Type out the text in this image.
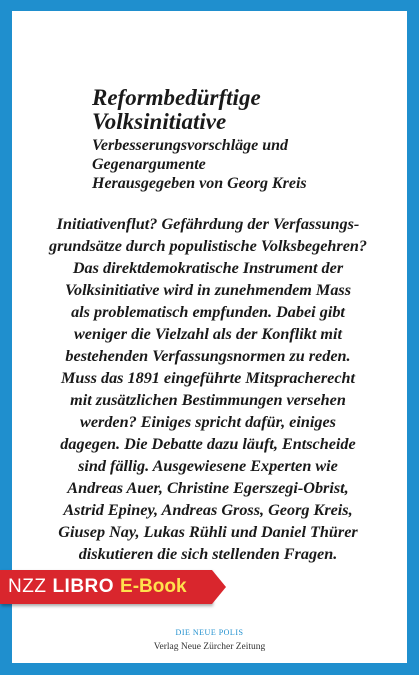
Reformbedürftige
Volksinitiative
Verbesserungsvorschläge und
Gegenargumente
Herausgegeben von Georg Kreis
Initiativenflut? Gefährdung der Verfassungs-
grundsätze durch populistische Volksbegehren?
Das direktdemokratische Instrument der
Volksinitiative wird in zunehmendem Mass
als problematisch empfunden. Dabei gibt
weniger die Vielzahl als der Konflikt mit
bestehenden Verfassungsnormen zu reden.
Muss das 1891 eingeführte Mitspracherecht
mit zusätzlichen Bestimmungen versehen
werden? Einiges spricht dafür, einiges
dagegen. Die Debatte dazu läuft, Entscheide
sind fällig. Ausgewiesene Experten wie
Andreas Auer, Christine Egerszegi-Obrist,
Astrid Epiney, Andreas Gross, Georg Kreis,
Giusep Nay, Lukas Rühli und Daniel Thürer
diskutieren die sich stellenden Fragen.
NZZ LIBRO E-Book
DIE NEUE POLIS
Verlag Neue Zürcher Zeitung
